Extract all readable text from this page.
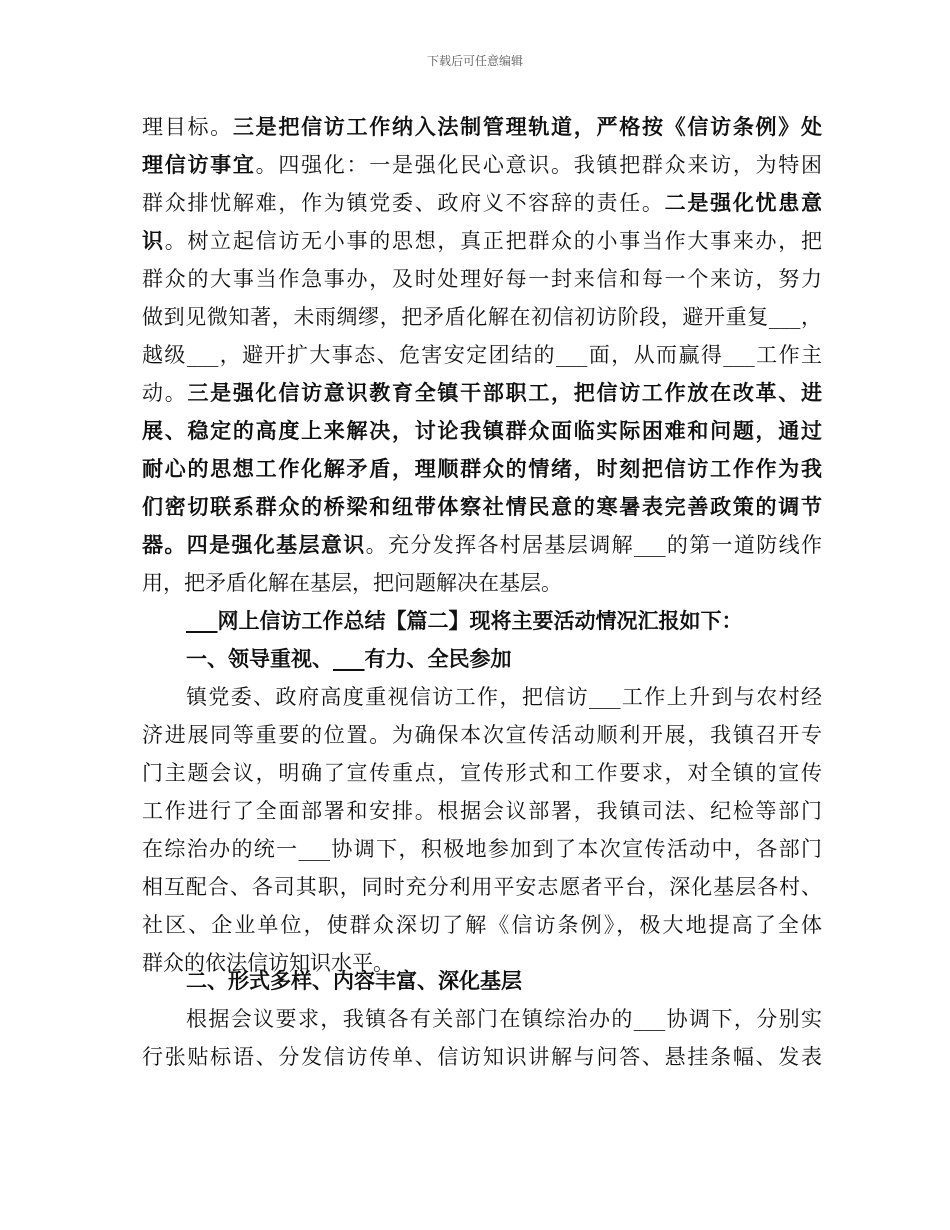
下载后可任意编辑
理目标。三是把信访工作纳入法制管理轨道，严格按《信访条例》处
理信访事宜。四强化：一是强化民心意识。我镇把群众来访，为特困
群众排忧解难，作为镇党委、政府义不容辞的责任。二是强化忧患意
识。树立起信访无小事的思想，真正把群众的小事当作大事来办，把
群众的大事当作急事办，及时处理好每一封来信和每一个来访，努力
做到见微知著，未雨绸缪，把矛盾化解在初信初访阶段，避开重复___，
越级___，避开扩大事态、危害安定团结的___面，从而赢得___工作主
动。三是强化信访意识教育全镇干部职工，把信访工作放在改革、进
展、稳定的高度上来解决，讨论我镇群众面临实际困难和问题，通过
耐心的思想工作化解矛盾，理顺群众的情绪，时刻把信访工作作为我
们密切联系群众的桥梁和纽带体察社情民意的寒暑表完善政策的调节
器。四是强化基层意识。充分发挥各村居基层调解___的第一道防线作
用，把矛盾化解在基层，把问题解决在基层。
___网上信访工作总结【篇二】现将主要活动情况汇报如下：
一、领导重视、___有力、全民参加
镇党委、政府高度重视信访工作，把信访___工作上升到与农村经
济进展同等重要的位置。为确保本次宣传活动顺利开展，我镇召开专
门主题会议，明确了宣传重点，宣传形式和工作要求，对全镇的宣传
工作进行了全面部署和安排。根据会议部署，我镇司法、纪检等部门
在综治办的统一___协调下，积极地参加到了本次宣传活动中，各部门
相互配合、各司其职，同时充分利用平安志愿者平台，深化基层各村、
社区、企业单位，使群众深切了解《信访条例》，极大地提高了全体
群众的依法信访知识水平。
二、形式多样、内容丰富、深化基层
根据会议要求，我镇各有关部门在镇综治办的___协调下，分别实
行张贴标语、分发信访传单、信访知识讲解与问答、悬挂条幅、发表
